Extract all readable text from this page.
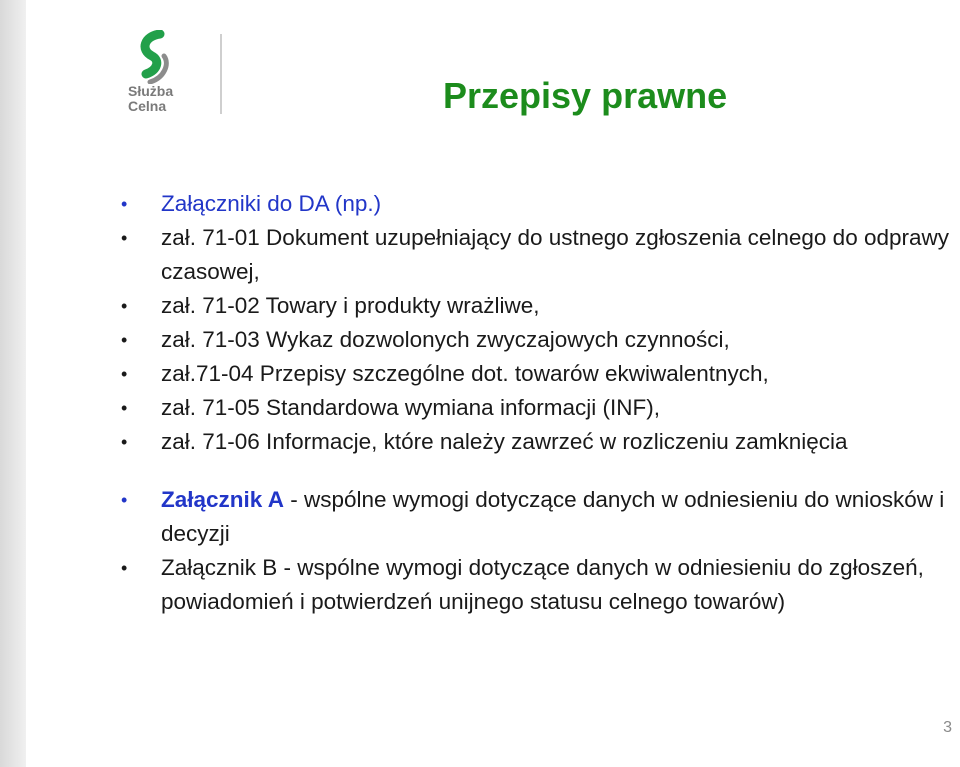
Służba
Celna	Przepisy prawne
• Załączniki do DA (np.)
• zał. 71-01 Dokument uzupełniający do ustnego zgłoszenia celnego do odprawy czasowej,
• zał. 71-02 Towary i produkty wrażliwe,
• zał. 71-03 Wykaz dozwolonych zwyczajowych czynności,
• zał.71-04 Przepisy szczególne dot. towarów ekwiwalentnych,
• zał. 71-05 Standardowa wymiana informacji (INF),
• zał. 71-06 Informacje, które należy zawrzeć w rozliczeniu zamknięcia
• Załącznik A - wspólne wymogi dotyczące danych w odniesieniu do wniosków i decyzji
• Załącznik B - wspólne wymogi dotyczące danych w odniesieniu do zgłoszeń, powiadomień i potwierdzeń unijnego statusu celnego towarów)
3
